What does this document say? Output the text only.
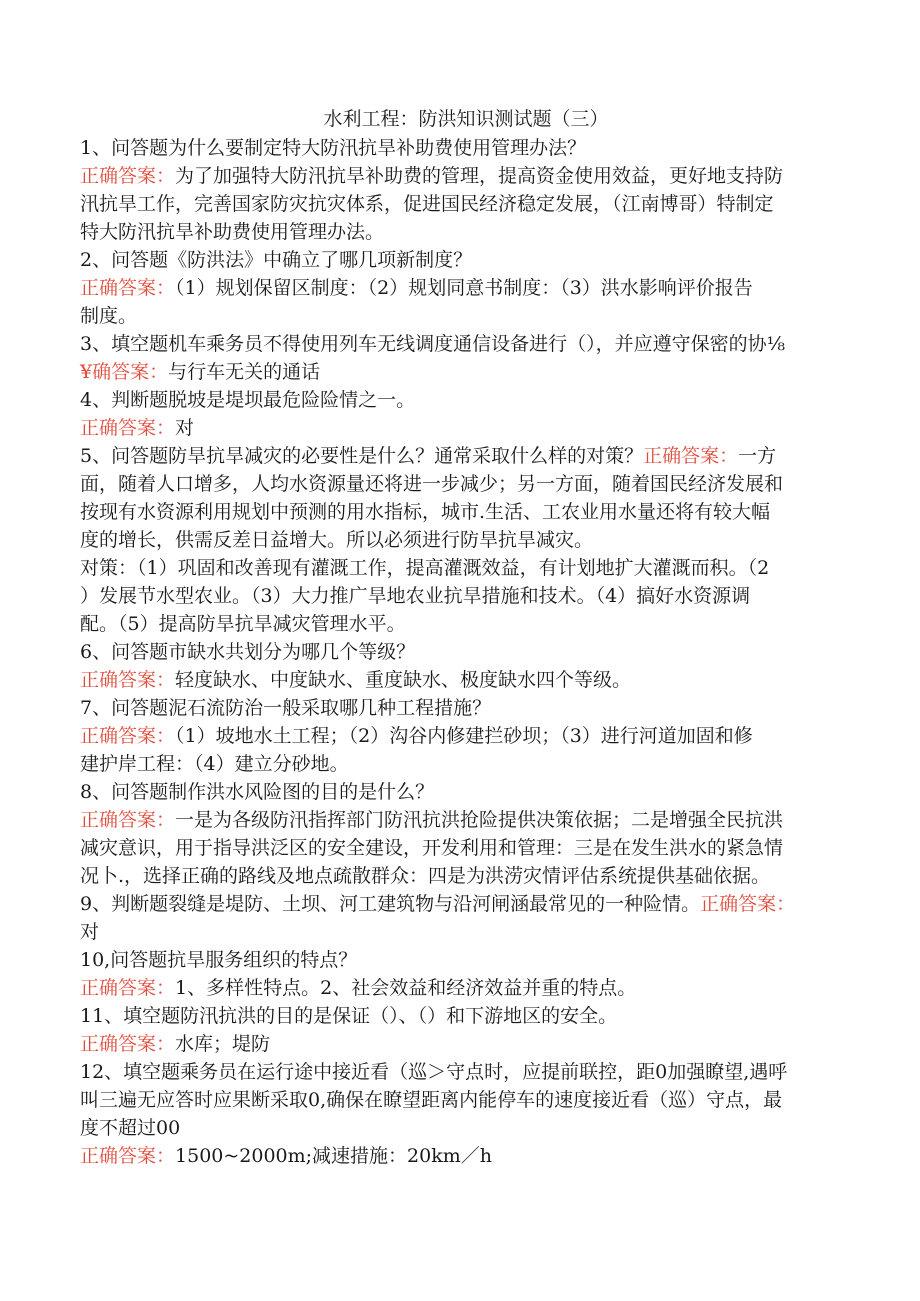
水利工程：防洪知识测试题（三）

1、问答题为什么要制定特大防汛抗旱补助费使用管理办法？

正确答案：为了加强特大防汛抗旱补助费的管理，提高资金使用效益，更好地支持防

汛抗旱工作，完善国家防灾抗灾体系，促进国民经济稳定发展，（江南博哥）特制定

特大防汛抗旱补助费使用管理办法。

2、问答题《防洪法》中确立了哪几项新制度？

正确答案：（1）规划保留区制度：（2）规划同意书制度：（3）洪水影响评价报告

制度。

3、填空题机车乘务员不得使用列车无线调度通信设备进行（），并应遵守保密的协⅛

¥确答案：与行车无关的通话

4、判断题脱坡是堤坝最危险险情之一。

正确答案：对

5、问答题防旱抗旱减灾的必要性是什么？通常采取什么样的对策？正确答案：一方

面，随着人口增多，人均水资源量还将进一步减少；另一方面，随着国民经济发展和

按现有水资源利用规划中预测的用水指标，城市.生活、工农业用水量还将有较大幅

度的增长，供需反差日益增大。所以必须进行防旱抗旱减灾。

对策：（1）巩固和改善现有灌溉工作，提高灌溉效益，有计划地扩大灌溉而积。（2

）发展节水型农业。（3）大力推广旱地农业抗旱措施和技术。（4）搞好水资源调

配。（5）提高防旱抗旱减灾管理水平。

6、问答题市缺水共划分为哪几个等级？

正确答案：轻度缺水、中度缺水、重度缺水、极度缺水四个等级。

7、问答题泥石流防治一般采取哪几种工程措施？

正确答案：（1）坡地水土工程；（2）沟谷内修建拦砂坝；（3）进行河道加固和修

建护岸工程：（4）建立分砂地。

8、问答题制作洪水风险图的目的是什么？

正确答案：一是为各级防汛指挥部门防汛抗洪抢险提供决策依据；二是增强全民抗洪

减灾意识，用于指导洪泛区的安全建设，开发利用和管理：三是在发生洪水的紧急情

况卜.，选择正确的路线及地点疏散群众：四是为洪涝灾情评估系统提供基础依据。

9、判断题裂缝是堤防、土坝、河工建筑物与沿河闸涵最常见的一种险情。正确答案：

对

10,问答题抗旱服务组织的特点？

正确答案：1、多样性特点。2、社会效益和经济效益并重的特点。

11、填空题防汛抗洪的目的是保证（）、（）和下游地区的安全。

正确答案：水库；堤防

12、填空题乘务员在运行途中接近看（巡＞守点时，应提前联控，距0加强瞭望,遇呼

叫三遍无应答时应果断采取0,确保在瞭望距离内能停车的速度接近看（巡）守点，最

度不超过00

正确答案：1500~2000m;减速措施：20km／h
